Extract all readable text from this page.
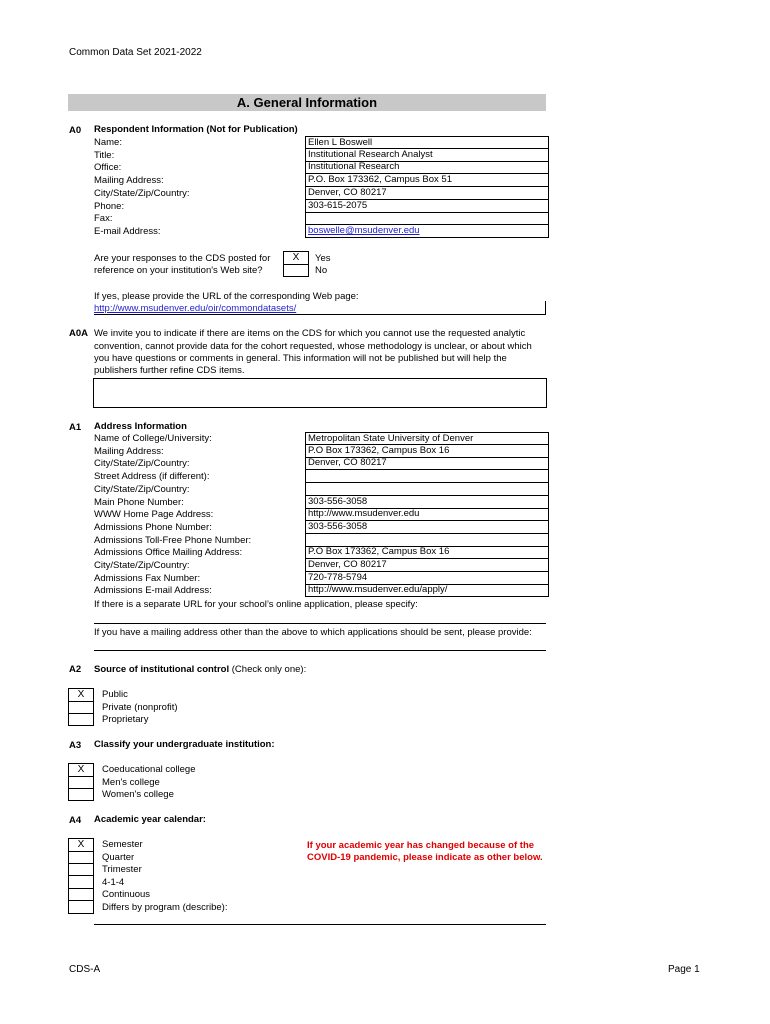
Common Data Set 2021-2022
A. General Information
A0 Respondent Information (Not for Publication)
Name:	Ellen L Boswell
Title:	Institutional Research Analyst
Office:	Institutional Research
Mailing Address:	P.O. Box 173362, Campus Box 51
City/State/Zip/Country:	Denver, CO 80217
Phone:	303-615-2075
Fax:
E-mail Address:	boswelle@msudenver.edu
Are your responses to the CDS posted for
reference on your institution's Web site?
X	Yes
No
If yes, please provide the URL of the corresponding Web page:
http://www.msudenver.edu/oir/commondatasets/
A0A We invite you to indicate if there are items on the CDS for which you cannot use the requested analytic
convention, cannot provide data for the cohort requested, whose methodology is unclear, or about which
you have questions or comments in general. This information will not be published but will help the
publishers further refine CDS items.
A1 Address Information
Name of College/University:	Metropolitan State University of Denver
Mailing Address:	P.O Box 173362, Campus Box 16
City/State/Zip/Country:	Denver, CO 80217
Street Address (if different):
City/State/Zip/Country:
Main Phone Number:	303-556-3058
WWW Home Page Address:	http://www.msudenver.edu
Admissions Phone Number:	303-556-3058
Admissions Toll-Free Phone Number:
Admissions Office Mailing Address:	P.O Box 173362, Campus Box 16
City/State/Zip/Country:	Denver, CO 80217
Admissions Fax Number:	720-778-5794
Admissions E-mail Address:	http://www.msudenver.edu/apply/
If there is a separate URL for your school’s online application, please specify:
If you have a mailing address other than the above to which applications should be sent, please provide:
A2 Source of institutional control (Check only one):
X	Public
Private (nonprofit)
Proprietary
A3 Classify your undergraduate institution:
X	Coeducational college
Men's college
Women's college
A4 Academic year calendar:
X	Semester
Quarter
Trimester
4-1-4
Continuous
Differs by program (describe):
If your academic year has changed because of the
COVID-19 pandemic, please indicate as other below.
CDS-A	Page 1
